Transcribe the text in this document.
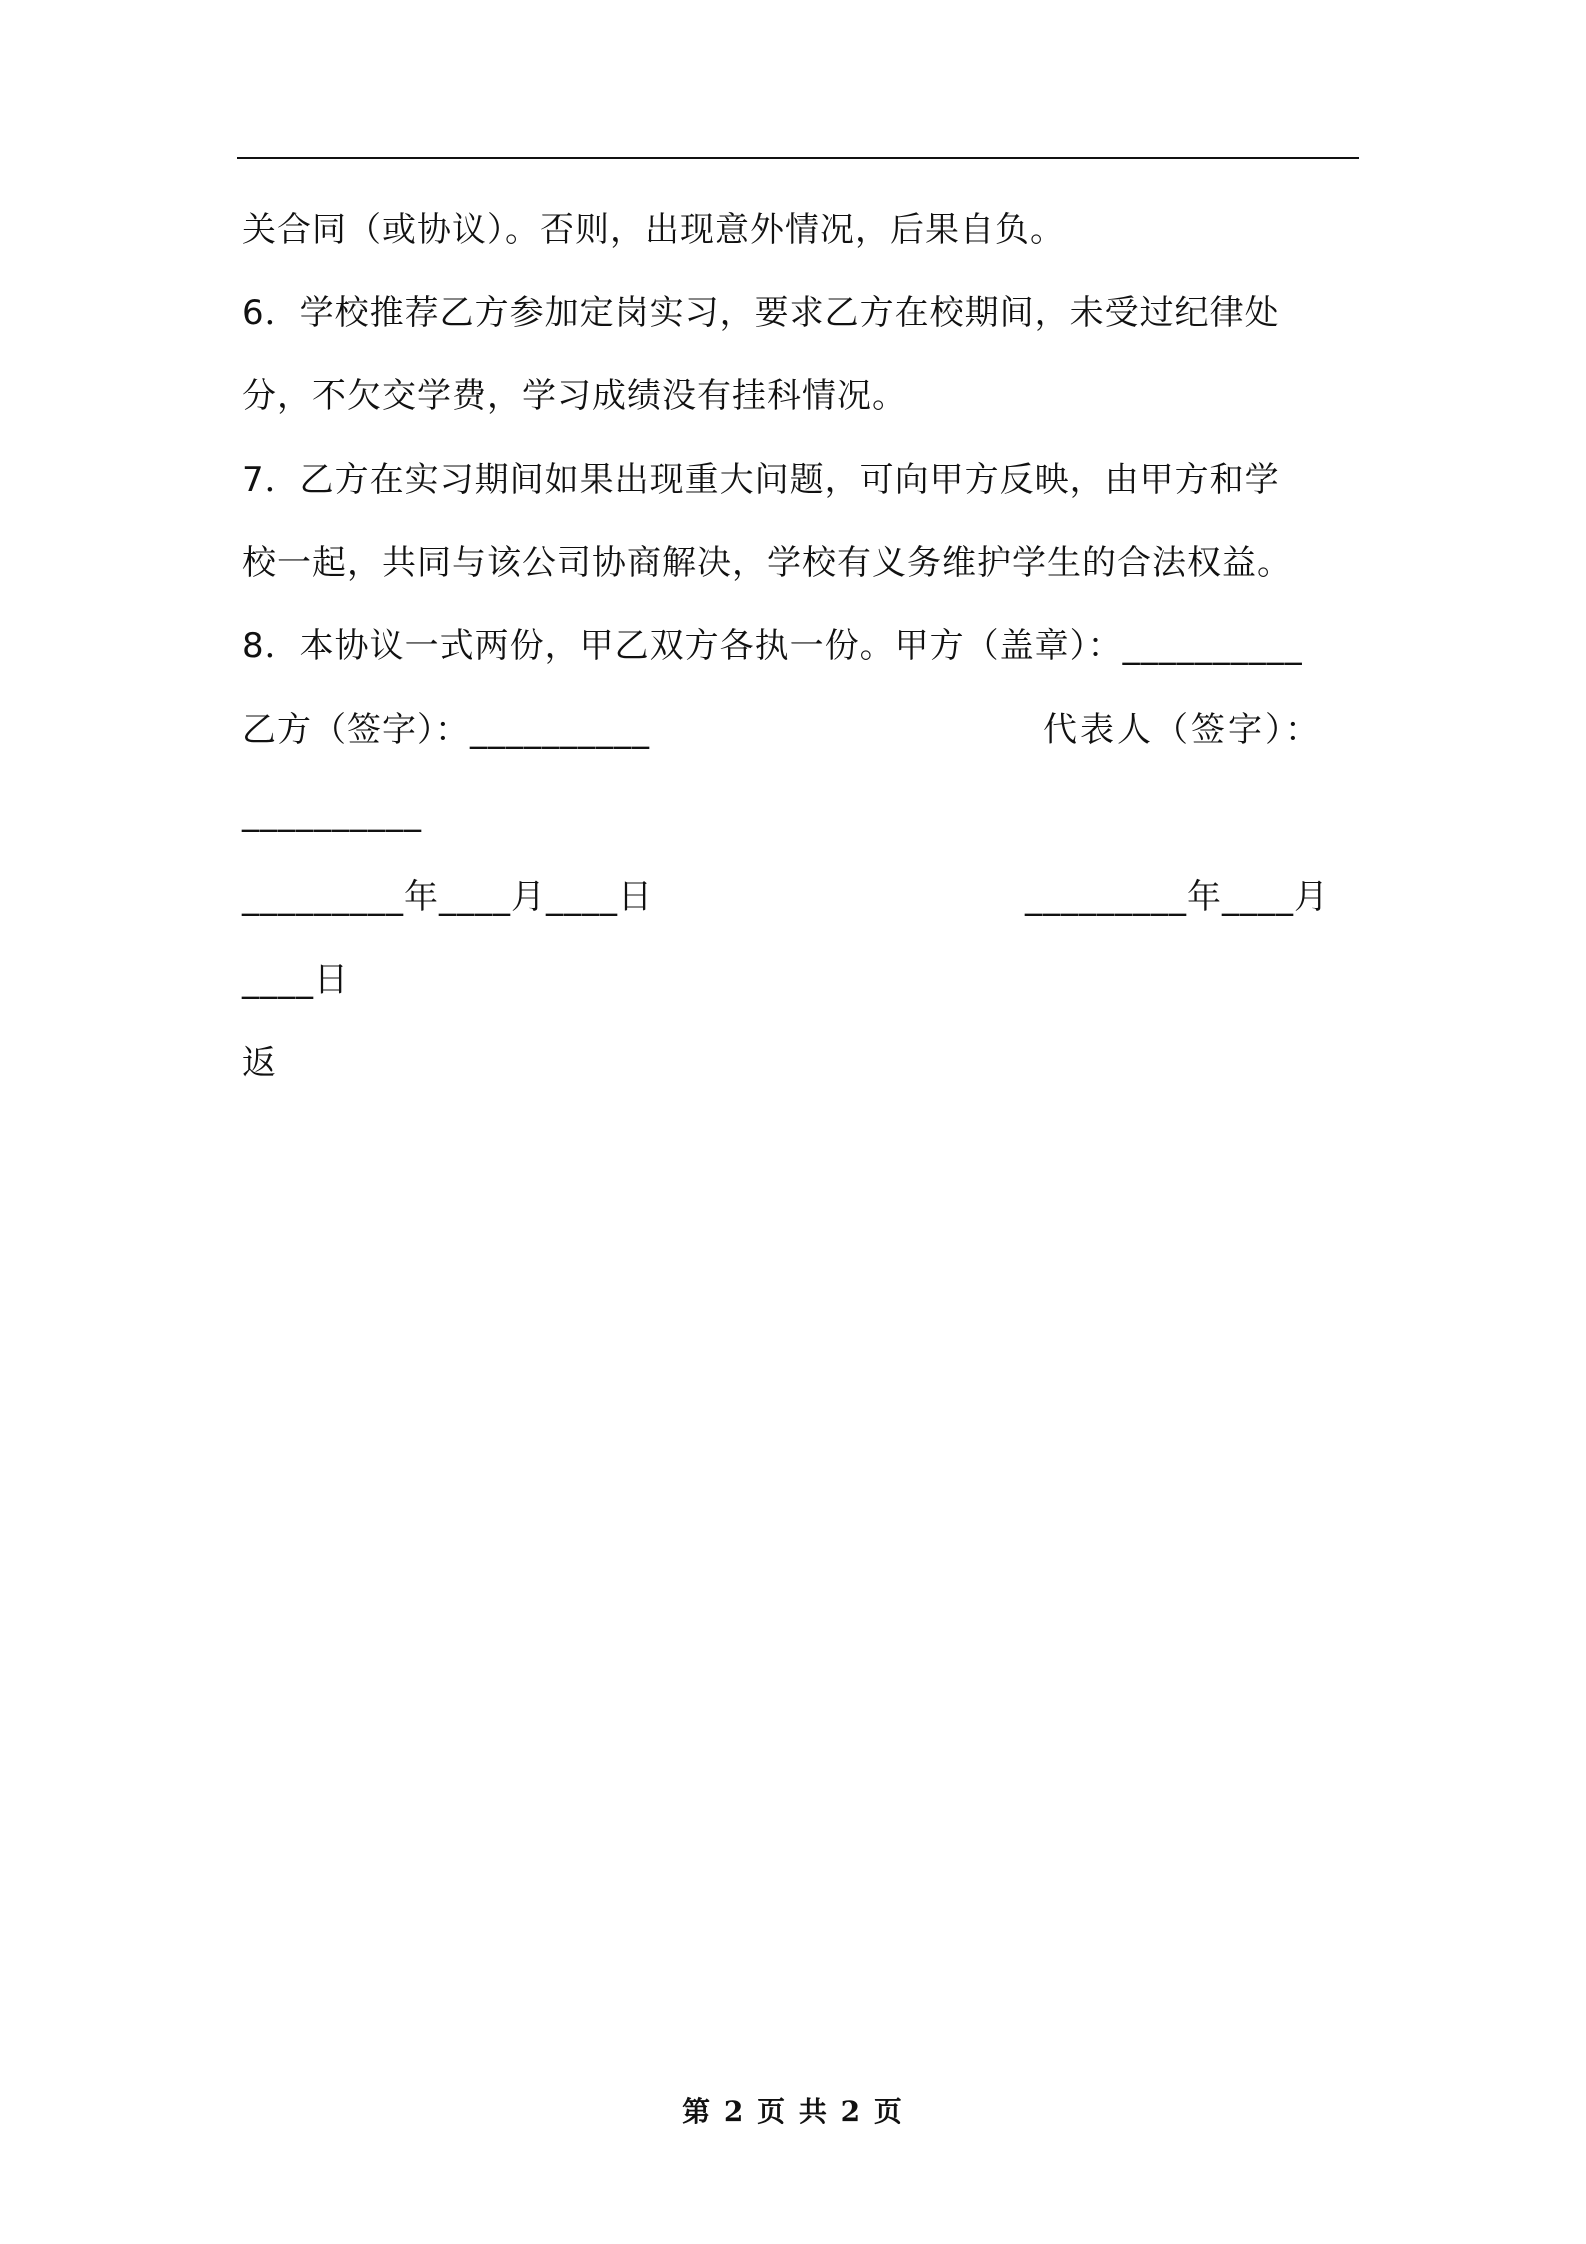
关合同（或协议）。否则，出现意外情况，后果自负。
6．学校推荐乙方参加定岗实习，要求乙方在校期间，未受过纪律处
分，不欠交学费，学习成绩没有挂科情况。
7．乙方在实习期间如果出现重大问题，可向甲方反映，由甲方和学
校一起，共同与该公司协商解决，学校有义务维护学生的合法权益。
8．本协议一式两份，甲乙双方各执一份。甲方（盖章）：__________
乙方（签字）：__________	代表人（签字）：
__________
_________年____月____日	_________年____月
____日
返
第 2 页 共 2 页
